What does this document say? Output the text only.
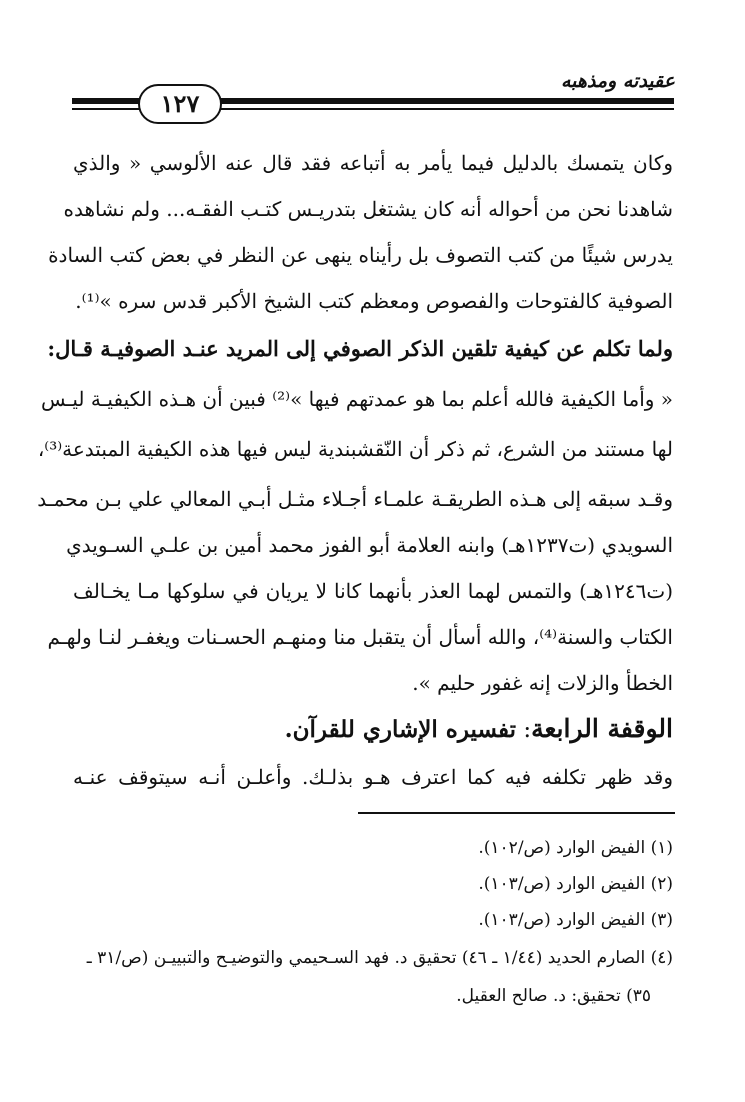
عقيدته ومذهبه
١٢٧
وكان يتمسك بالدليل فيما يأمر به أتباعه فقد قال عنه الألوسي « والذي
شاهدنا نحن من أحواله أنه كان يشتغل بتدريـس كتـب الفقـه... ولم نشاهده
يدرس شيئًا من كتب التصوف بل رأيناه ينهى عن النظر في بعض كتب السادة
الصوفية كالفتوحات والفصوص ومعظم كتب الشيخ الأكبر قدس سره »⁽¹⁾.
ولما تكلم عن كيفية تلقين الذكر الصوفي إلى المريد عنـد الصوفيـة قـال:
« وأما الكيفية فالله أعلم بما هو عمدتهم فيها »⁽²⁾ فبين أن هـذه الكيفيـة ليـس
لها مستند من الشرع، ثم ذكر أن النّقشبندية ليس فيها هذه الكيفية المبتدعة⁽³⁾،
وقـد سبقه إلى هـذه الطريقـة علمـاء أجـلاء مثـل أبـي المعالي علي بـن محمـد
السويدي (ت١٢٣٧هـ) وابنه العلامة أبو الفوز محمد أمين بن علـي السـويدي
(ت١٢٤٦هـ) والتمس لهما العذر بأنهما كانا لا يريان في سلوكها مـا يخـالف
الكتاب والسنة⁽⁴⁾، والله أسأل أن يتقبل منا ومنهـم الحسـنات ويغفـر لنـا ولهـم
الخطأ والزلات إنه غفور حليم ».
الوقفة الرابعة: تفسيره الإشاري للقرآن.
وقد ظهر تكلفه فيه كما اعترف هـو بذلـك. وأعلـن أنـه سيتوقف عنـه
(١) الفيض الوارد (ص/١٠٢).
(٢) الفيض الوارد (ص/١٠٣).
(٣) الفيض الوارد (ص/١٠٣).
(٤) الصارم الحديد (١/٤٤ ـ ٤٦) تحقيق د. فهد السـحيمي والتوضيـح والتبييـن (ص/٣١ ـ
٣٥) تحقيق: د. صالح العقيل.
